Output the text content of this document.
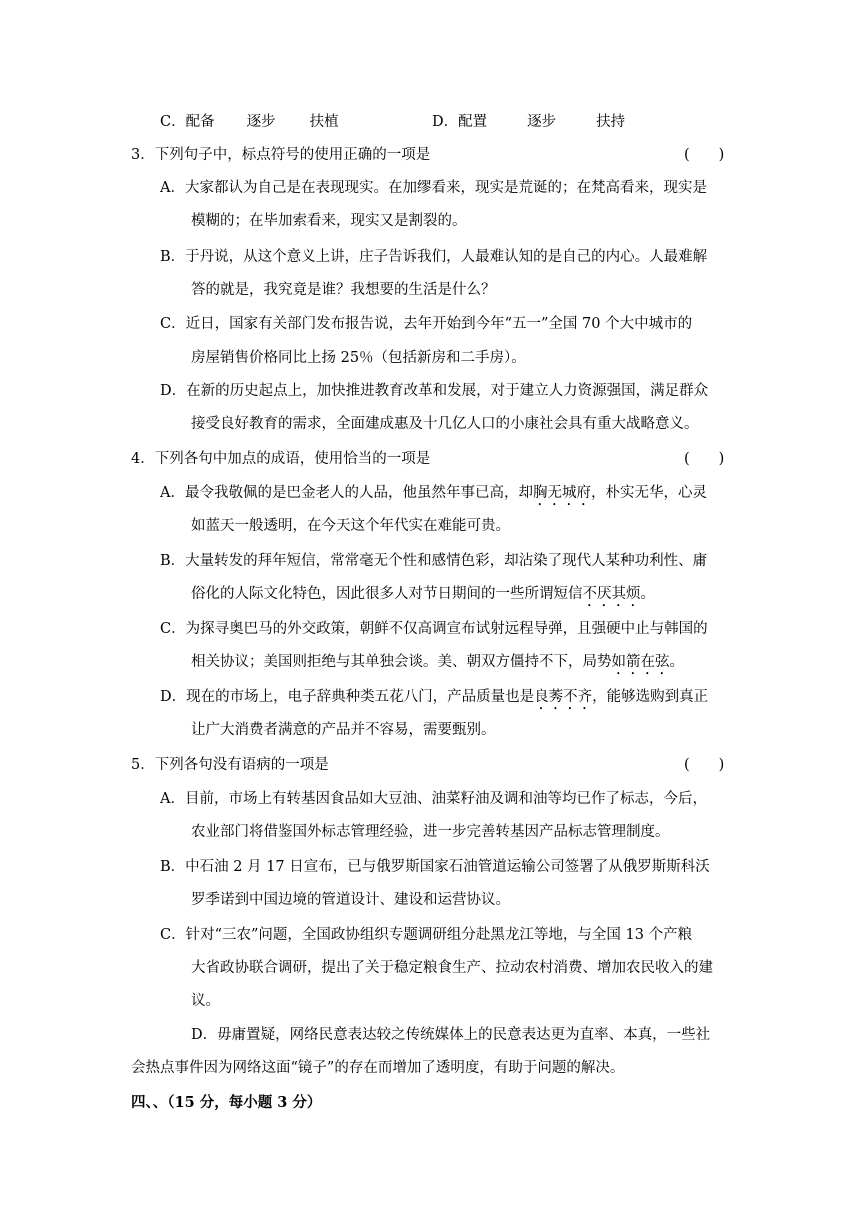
C．配备 逐步 扶植	D．配置	逐步	扶持
3．下列句子中，标点符号的使用正确的一项是	(　　)
A．大家都认为自己是在表现现实。在加缪看来，现实是荒诞的；在梵高看来，现实是
模糊的；在毕加索看来，现实又是割裂的。
B．于丹说，从这个意义上讲，庄子告诉我们，人最难认知的是自己的内心。人最难解
答的就是，我究竟是谁？我想要的生活是什么？
C．近日，国家有关部门发布报告说，去年开始到今年“五一”全国 70 个大中城市的
房屋销售价格同比上扬 25％（包括新房和二手房）。
D．在新的历史起点上，加快推进教育改革和发展，对于建立人力资源强国，满足群众
接受良好教育的需求，全面建成惠及十几亿人口的小康社会具有重大战略意义。
4．下列各句中加点的成语，使用恰当的一项是	(　　)
A．最令我敬佩的是巴金老人的人品，他虽然年事已高，却胸无城府，朴实无华，心灵
如蓝天一般透明，在今天这个年代实在难能可贵。
B．大量转发的拜年短信，常常毫无个性和感情色彩，却沾染了现代人某种功利性、庸
俗化的人际文化特色，因此很多人对节日期间的一些所谓短信不厌其烦。
C．为探寻奥巴马的外交政策，朝鲜不仅高调宣布试射远程导弹，且强硬中止与韩国的
相关协议；美国则拒绝与其单独会谈。美、朝双方僵持不下，局势如箭在弦。
D．现在的市场上，电子辞典种类五花八门，产品质量也是良莠不齐，能够选购到真正
让广大消费者满意的产品并不容易，需要甄别。
5．下列各句没有语病的一项是	(　　)
A．目前，市场上有转基因食品如大豆油、油菜籽油及调和油等均已作了标志，今后，
农业部门将借鉴国外标志管理经验，进一步完善转基因产品标志管理制度。
B．中石油 2 月 17 日宣布，已与俄罗斯国家石油管道运输公司签署了从俄罗斯斯科沃
罗季诺到中国边境的管道设计、建设和运营协议。
C．针对“三农”问题，全国政协组织专题调研组分赴黑龙江等地，与全国 13 个产粮
大省政协联合调研，提出了关于稳定粮食生产、拉动农村消费、增加农民收入的建
议。
D．毋庸置疑，网络民意表达较之传统媒体上的民意表达更为直率、本真，一些社
会热点事件因为网络这面“镜子”的存在而增加了透明度，有助于问题的解决。
四、、（15 分，每小题 3 分）
